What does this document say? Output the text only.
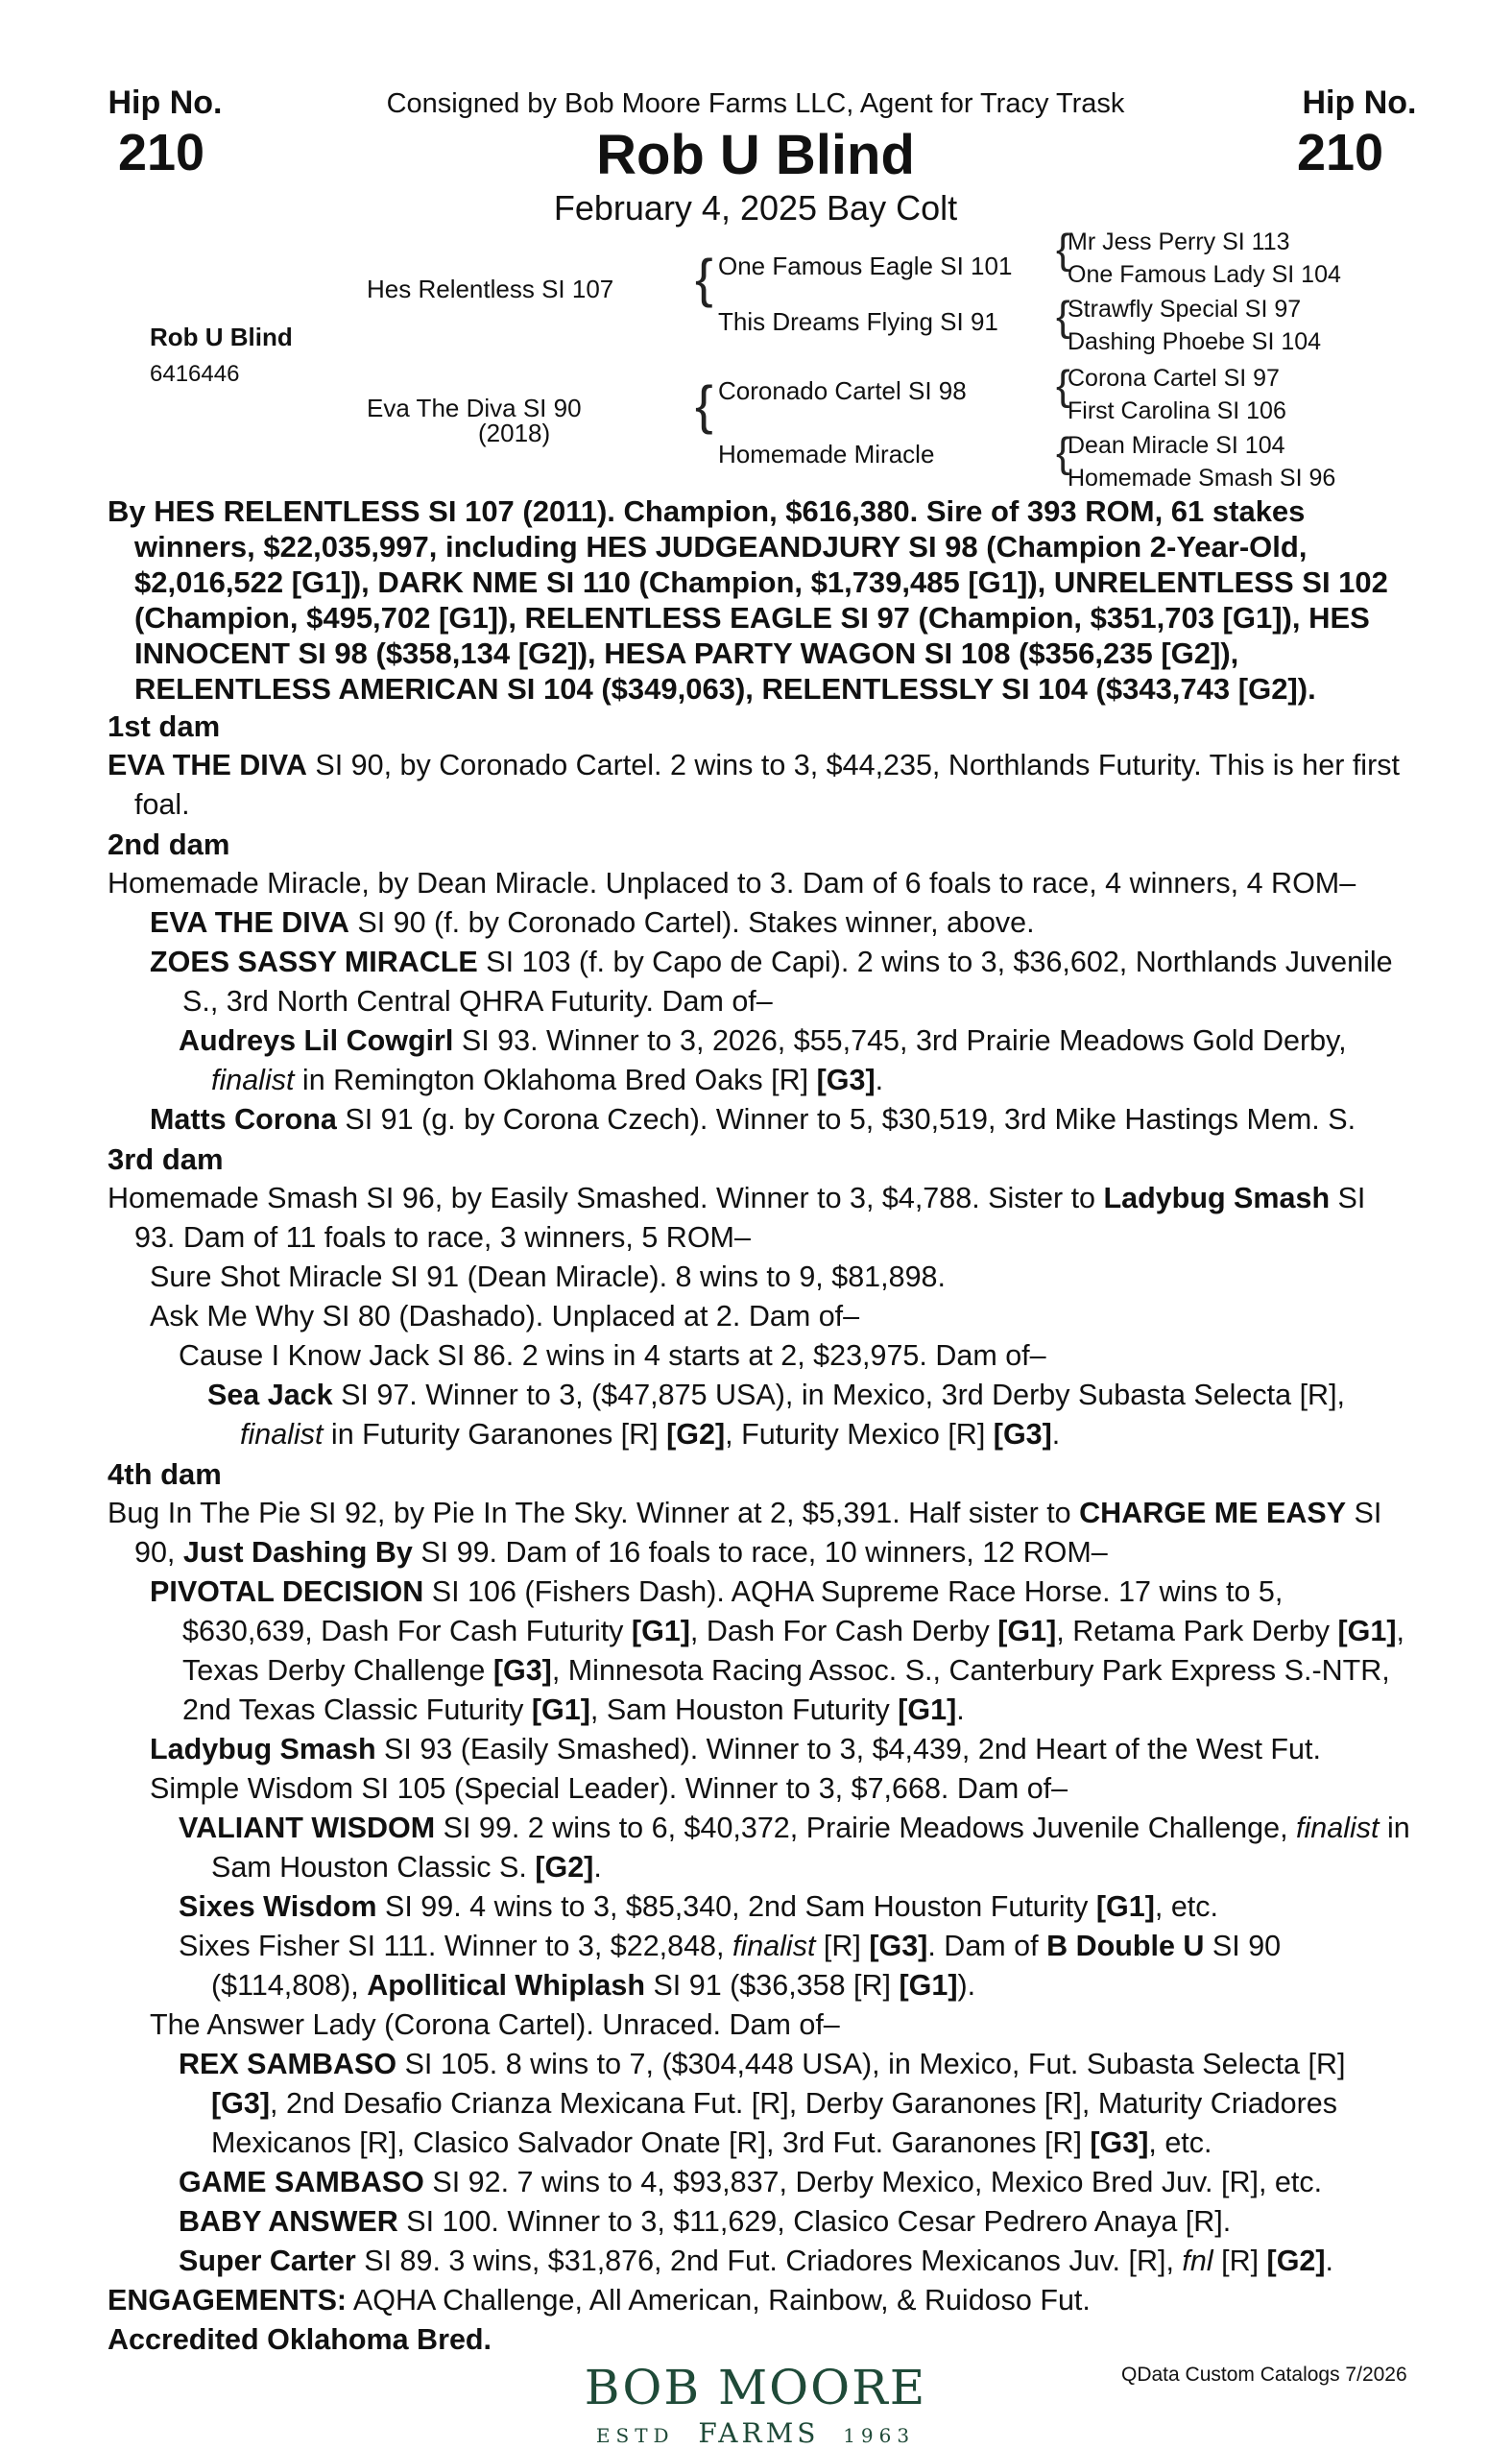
Hip No.
210
Hip No.
210
Consigned by Bob Moore Farms LLC, Agent for Tracy Trask
Rob U Blind
February 4, 2025 Bay Colt
Rob U Blind
6416446
Hes Relentless SI 107
Eva The Diva SI 90
(2018)
{
{
One Famous Eagle SI 101
This Dreams Flying SI 91
Coronado Cartel SI 98
Homemade Miracle
{
{
{
{
Mr Jess Perry SI 113
One Famous Lady SI 104
Strawfly Special SI 97
Dashing Phoebe SI 104
Corona Cartel SI 97
First Carolina SI 106
Dean Miracle SI 104
Homemade Smash SI 96

By HES RELENTLESS SI 107 (2011). Champion, $616,380. Sire of 393 ROM, 61 stakes winners, $22,035,997, including HES JUDGEANDJURY SI 98 (Champion 2-Year-Old, $2,016,522 [G1]), DARK NME SI 110 (Champion, $1,739,485 [G1]), UNRELENTLESS SI 102 (Champion, $495,702 [G1]), RELENTLESS EAGLE SI 97 (Champion, $351,703 [G1]), HES INNOCENT SI 98 ($358,134 [G2]), HESA PARTY WAGON SI 108 ($356,235 [G2]), RELENTLESS AMERICAN SI 104 ($349,063), RELENTLESSLY SI 104 ($343,743 [G2]).

1st dam

EVA THE DIVA SI 90, by Coronado Cartel. 2 wins to 3, $44,235, Northlands Futurity. This is her first foal.

2nd dam

Homemade Miracle, by Dean Miracle. Unplaced to 3. Dam of 6 foals to race, 4 winners, 4 ROM–

EVA THE DIVA SI 90 (f. by Coronado Cartel). Stakes winner, above.

ZOES SASSY MIRACLE SI 103 (f. by Capo de Capi). 2 wins to 3, $36,602, Northlands Juvenile S., 3rd North Central QHRA Futurity. Dam of–

Audreys Lil Cowgirl SI 93. Winner to 3, 2026, $55,745, 3rd Prairie Meadows Gold Derby, finalist in Remington Oklahoma Bred Oaks [R] [G3].

Matts Corona SI 91 (g. by Corona Czech). Winner to 5, $30,519, 3rd Mike Hastings Mem. S.

3rd dam

Homemade Smash SI 96, by Easily Smashed. Winner to 3, $4,788. Sister to Ladybug Smash SI 93. Dam of 11 foals to race, 3 winners, 5 ROM–

Sure Shot Miracle SI 91 (Dean Miracle). 8 wins to 9, $81,898.

Ask Me Why SI 80 (Dashado). Unplaced at 2. Dam of–

Cause I Know Jack SI 86. 2 wins in 4 starts at 2, $23,975. Dam of–

Sea Jack SI 97. Winner to 3, ($47,875 USA), in Mexico, 3rd Derby Subasta Selecta [R], finalist in Futurity Garanones [R] [G2], Futurity Mexico [R] [G3].

4th dam

Bug In The Pie SI 92, by Pie In The Sky. Winner at 2, $5,391. Half sister to CHARGE ME EASY SI 90, Just Dashing By SI 99. Dam of 16 foals to race, 10 winners, 12 ROM–

PIVOTAL DECISION SI 106 (Fishers Dash). AQHA Supreme Race Horse. 17 wins to 5, $630,639, Dash For Cash Futurity [G1], Dash For Cash Derby [G1], Retama Park Derby [G1], Texas Derby Challenge [G3], Minnesota Racing Assoc. S., Canterbury Park Express S.-NTR, 2nd Texas Classic Futurity [G1], Sam Houston Futurity [G1].

Ladybug Smash SI 93 (Easily Smashed). Winner to 3, $4,439, 2nd Heart of the West Fut.

Simple Wisdom SI 105 (Special Leader). Winner to 3, $7,668. Dam of–

VALIANT WISDOM SI 99. 2 wins to 6, $40,372, Prairie Meadows Juvenile Challenge, finalist in Sam Houston Classic S. [G2].

Sixes Wisdom SI 99. 4 wins to 3, $85,340, 2nd Sam Houston Futurity [G1], etc.

Sixes Fisher SI 111. Winner to 3, $22,848, finalist [R] [G3]. Dam of B Double U SI 90 ($114,808), Apollitical Whiplash SI 91 ($36,358 [R] [G1]).

The Answer Lady (Corona Cartel). Unraced. Dam of–

REX SAMBASO SI 105. 8 wins to 7, ($304,448 USA), in Mexico, Fut. Subasta Selecta [R] [G3], 2nd Desafio Crianza Mexicana Fut. [R], Derby Garanones [R], Maturity Criadores Mexicanos [R], Clasico Salvador Onate [R], 3rd Fut. Garanones [R] [G3], etc.

GAME SAMBASO SI 92. 7 wins to 4, $93,837, Derby Mexico, Mexico Bred Juv. [R], etc.

BABY ANSWER SI 100. Winner to 3, $11,629, Clasico Cesar Pedrero Anaya [R].

Super Carter SI 89. 3 wins, $31,876, 2nd Fut. Criadores Mexicanos Juv. [R], fnl [R] [G2].

ENGAGEMENTS: AQHA Challenge, All American, Rainbow, & Ruidoso Fut.

Accredited Oklahoma Bred.

BOB MOORE
ESTD FARMS 1963
QData Custom Catalogs 7/2026
